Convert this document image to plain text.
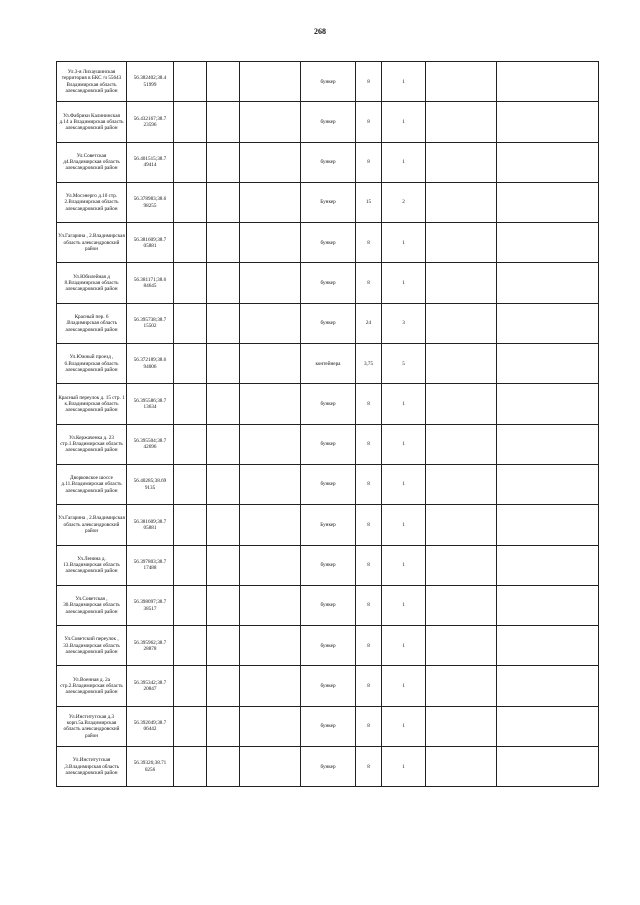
268
Ул.3-я Лихаушинская территория в БКС /ч 55643 Владимирская область александровский район	56.382402;38.4 51999				бункер	8	1		
Ул.Фабрики Калининская д.14 а Владимирская область александровский район	56.432167;38.7 23596				бункер	8	1		
Ул.Советская д4.Владимирская область александровский район	56.401515;38.7 49414				бункер	8	1		
Ул.Мосэнерго д.10 стр. 2.Владимирская область александровский район	56.378983;38.6 98255				Бункер	15	2		
Ул.Гагарина , 2.Владимирская область александровский район	56.381609;38.7 05881				бункер	8	1		
Ул.Юбилейная д 8.Владимирская область александровский район	56.381171;38.6 84645				бункер	8	1		
Красный пер. 6 .Владимирская область александровский район	56.395738;38.7 15502				бункер	24	3		
Ул.Южный проезд , 6.Владимирская область александровский район	56.372189;38.6 94006				контейнера	3,75	5		
Красный переулок д. 15 стр. 1 к.Владимирская область александровский район	56.395586;38.7 13634				бункер	8	1		
Ул.Кержаченка д. 23 стр.1.Владимирская область александровский район	56.395504;38.7 42696				бункер	8	1		
Дворковское шоссе д.11.Владимирская область александровский район	56.40285;38.69 9135				бункер	8	1		
Ул.Гагарина , 2.Владимирская область александровский район	56.381609;38.7 05881				Бункер	8	1		
Ул.Ленина д. 13.Владимирская область александровский район	56.397803;38.7 17488				бункер	8	1		
Ул.Советская , 30.Владимирская область александровский район	56.398097;38.7 38517				бункер	8	1		
Ул.Советский переулок , 33.Владимирская область александровский район	56.395962;38.7 28878				бункер	8	1		
Ул.Военная д. 2а стр.2.Владимирская область александровский район	56.395342;38.7 20847				бункер	8	1		
Ул.Институтская д.3 корп.5а.Владимирская область александровский район	56.392049;38.7 06442				бункер	8	1		
Ул.Институтская ,3.Владимирская область александровский район	56.39326;38.71 0256				бункер	8	1		
